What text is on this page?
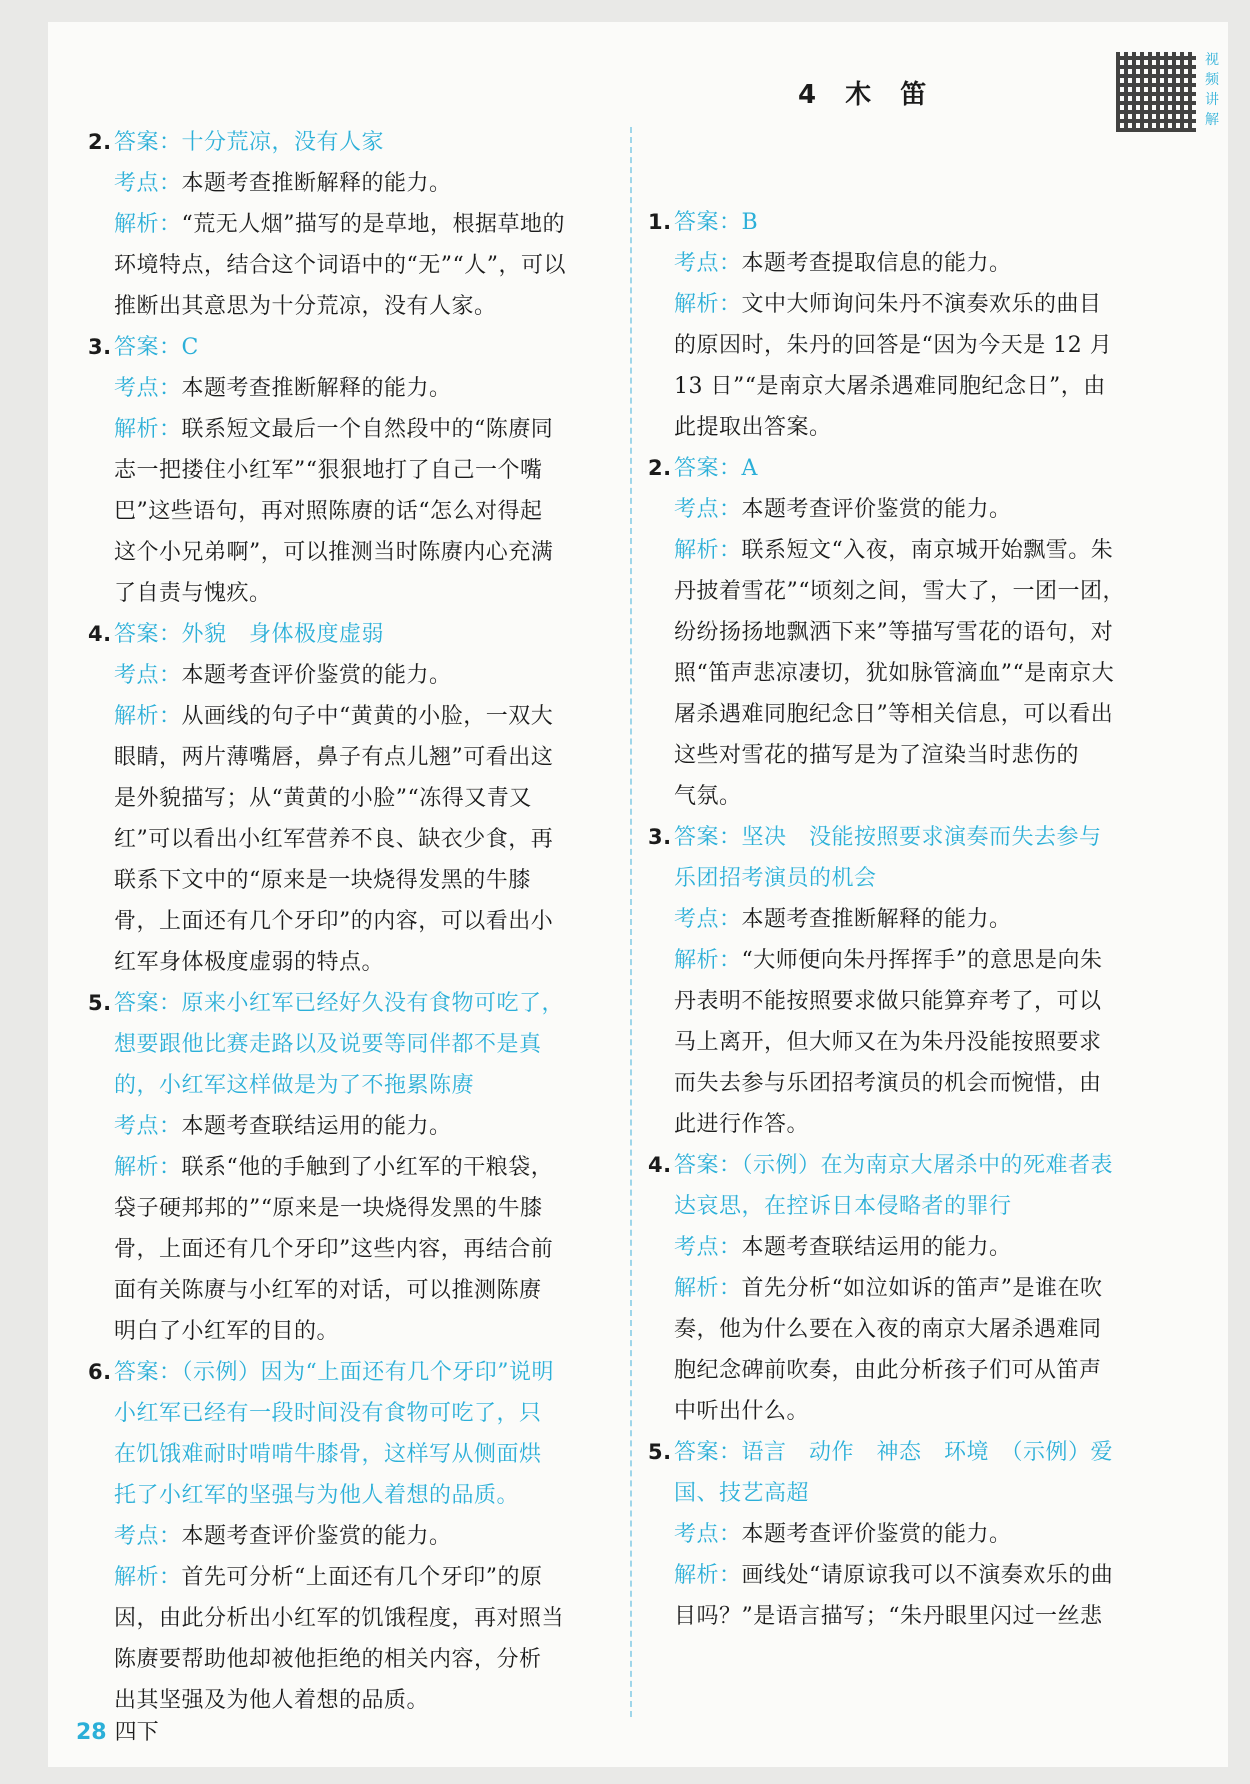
2. 答案：十分荒凉，没有人家
考点：本题考查推断解释的能力。
解析：“荒无人烟”描写的是草地，根据草地的
环境特点，结合这个词语中的“无”“人”，可以
推断出其意思为十分荒凉，没有人家。
3. 答案：C
考点：本题考查推断解释的能力。
解析：联系短文最后一个自然段中的“陈赓同
志一把搂住小红军”“狠狠地打了自己一个嘴
巴”这些语句，再对照陈赓的话“怎么对得起
这个小兄弟啊”，可以推测当时陈赓内心充满
了自责与愧疚。
4. 答案：外貌　身体极度虚弱
考点：本题考查评价鉴赏的能力。
解析：从画线的句子中“黄黄的小脸，一双大
眼睛，两片薄嘴唇，鼻子有点儿翘”可看出这
是外貌描写；从“黄黄的小脸”“冻得又青又
红”可以看出小红军营养不良、缺衣少食，再
联系下文中的“原来是一块烧得发黑的牛膝
骨，上面还有几个牙印”的内容，可以看出小
红军身体极度虚弱的特点。
5. 答案：原来小红军已经好久没有食物可吃了，
想要跟他比赛走路以及说要等同伴都不是真
的，小红军这样做是为了不拖累陈赓
考点：本题考查联结运用的能力。
解析：联系“他的手触到了小红军的干粮袋，
袋子硬邦邦的”“原来是一块烧得发黑的牛膝
骨，上面还有几个牙印”这些内容，再结合前
面有关陈赓与小红军的对话，可以推测陈赓
明白了小红军的目的。
6. 答案：（示例）因为“上面还有几个牙印”说明
小红军已经有一段时间没有食物可吃了，只
在饥饿难耐时啃啃牛膝骨，这样写从侧面烘
托了小红军的坚强与为他人着想的品质。
考点：本题考查评价鉴赏的能力。
解析：首先可分析“上面还有几个牙印”的原
因，由此分析出小红军的饥饿程度，再对照当
陈赓要帮助他却被他拒绝的相关内容，分析
出其坚强及为他人着想的品质。
4 木 笛
视频讲解
1. 答案：B
考点：本题考查提取信息的能力。
解析：文中大师询问朱丹不演奏欢乐的曲目
的原因时，朱丹的回答是“因为今天是 12 月
13 日”“是南京大屠杀遇难同胞纪念日”，由
此提取出答案。
2. 答案：A
考点：本题考查评价鉴赏的能力。
解析：联系短文“入夜，南京城开始飘雪。朱
丹披着雪花”“顷刻之间，雪大了，一团一团，
纷纷扬扬地飘洒下来”等描写雪花的语句，对
照“笛声悲凉凄切，犹如脉管滴血”“是南京大
屠杀遇难同胞纪念日”等相关信息，可以看出
这些对雪花的描写是为了渲染当时悲伤的
气氛。
3. 答案：坚决　没能按照要求演奏而失去参与
乐团招考演员的机会
考点：本题考查推断解释的能力。
解析：“大师便向朱丹挥挥手”的意思是向朱
丹表明不能按照要求做只能算弃考了，可以
马上离开，但大师又在为朱丹没能按照要求
而失去参与乐团招考演员的机会而惋惜，由
此进行作答。
4. 答案：（示例）在为南京大屠杀中的死难者表
达哀思，在控诉日本侵略者的罪行
考点：本题考查联结运用的能力。
解析：首先分析“如泣如诉的笛声”是谁在吹
奏，他为什么要在入夜的南京大屠杀遇难同
胞纪念碑前吹奏，由此分析孩子们可从笛声
中听出什么。
5. 答案：语言　动作　神态　环境　（示例）爱
国、技艺高超
考点：本题考查评价鉴赏的能力。
解析：画线处“请原谅我可以不演奏欢乐的曲
目吗？”是语言描写；“朱丹眼里闪过一丝悲
28 四下
